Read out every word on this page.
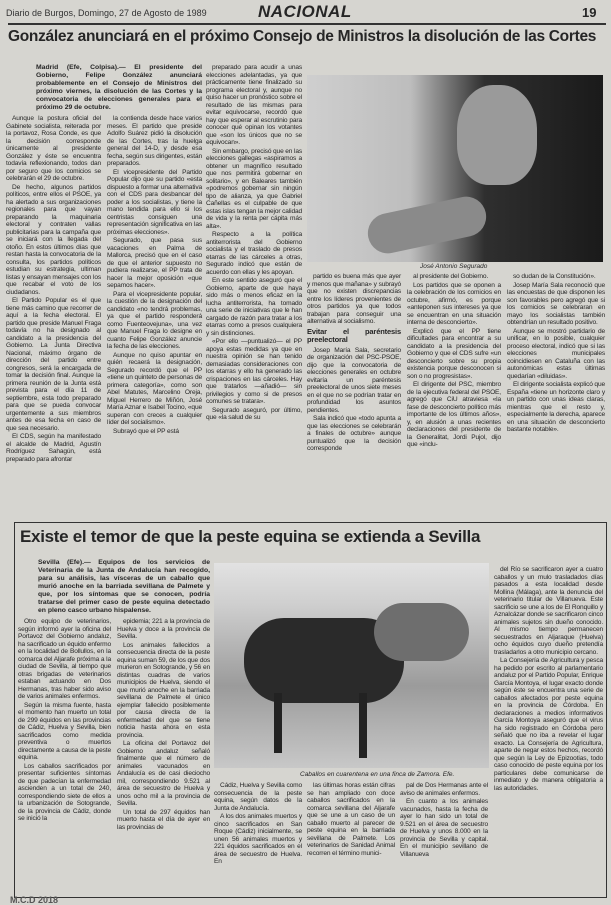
Diario de Burgos, Domingo, 27 de Agosto de 1989	NACIONAL	19
González anunciará en el próximo Consejo de Ministros la disolución de las Cortes
Madrid (Efe, Colpisa).— El presidente del Gobierno, Felipe González anunciará probablemente en el Consejo de Ministros del próximo viernes, la disolución de las Cortes y la convocatoria de elecciones generales para el próximo 29 de octubre.

Aunque la postura oficial del Gabinete socialista, reiterada por la portavoz, Rosa Conde, es que la decisión corresponde únicamente al presidente González y éste se encuentra todavía reflexionando, todos dan por seguro que los comicios se celebrarán el 29 de octubre.

De hecho, algunos partidos políticos, entre ellos el PSOE, ya ha alertado a sus organizaciones regionales para que vayan preparando la maquinaria electoral y contraten vallas publicitarias para la campaña que se iniciará con la llegada del otoño. En estos últimos días que restan hasta la convocatoria de la consulta, los partidos políticos estudian su estrategia, ultiman listas y ensayan mensajes con los que recabar el voto de los ciudadanos.

El Partido Popular es el que tiene más camino que recorrer de aquí a la fecha electoral. El partido que preside Manuel Fraga todavía no ha designado al candidato a la presidencia del Gobierno. La Junta Directiva Nacional, máximo órgano de dirección del partido entre congresos, será la encargada de tomar la decisión final. Aunque la primera reunión de la Junta está prevista para el día 11 de septiembre, esta todo preparado para que se pueda convocar urgentemente a sus miembros antes de esa fecha en caso de que sea necesario.

El CDS, según ha manifestado el alcalde de Madrid, Agustín Rodríguez Sahagún, está preparado para afrontar

la contienda desde hace varios meses. El partido que preside Adolfo Suárez pidió la disolución de las Cortes, tras la huelga general del 14-D, y desde esa fecha, según sus dirigentes, están preparados.

El vicepresidente del Partido Popular dijo que su partido «esta dispuesto a formar una alternativa con el CDS para desbancar del poder a los socialistas, y tiene la mano tendida para ello si los centristas consiguen una representación significativa en las próximas elecciones».

Segurado, que pasa sus vacaciones en Palma de Mallorca, precisó que en el caso de que el anterior supuesto no pudiera realizarse, el PP trata de hacer la mejor oposición «que sepamos hacer».

Para el vicepresidente popular, la cuestión de la designación del candidato «no tendrá problemas, ya que el partido responderá como Fuenteovejuna», una vez que Manuel Fraga lo designe en cuanto Felipe González anuncie la fecha de las elecciones.

Aunque no quiso apuntar en quién recaerá la designación, Segurado recordó que el PP «tiene un quinteto de personas de primera categoría», como son Abel Matutes, Marcelino Oreja, Miguel Herrero de Miñón, José María Aznar e Isabel Tocino, «que superan con creces a cualquier líder del socialismo».

Subrayó que el PP está

preparado para acudir a unas elecciones adelantadas, ya que prácticamente tiene finalizado su programa electoral y, aunque no quiso hacer un pronóstico sobre el resultado de las mismas para evitar equivocarse, recordó que hay que esperar al escrutinio para conocer qué opinan los votantes que «son los únicos que no se equivocan».

Sin embargo, precisó que en las elecciones gallegas «aspiramos a obtener un magnífico resultado que nos permitirá gobernar en solitario», y en Baleares también «podremos gobernar sin ningún tipo de alianza, ya que Gabriel Cañellas es el culpable de que estas islas tengan la mejor calidad de vida y la renta per cápita más alta».

Respecto a la política antiterrorista del Gobierno socialista y el traslado de presos etarras de las cárceles a otras, Segurado indicó que están de acuerdo con ellas y les apoyan.

En este sentido aseguró que el Gobierno, aparte de que haya sido más o menos eficaz en la lucha antiterrorista, ha tomado una serie de iniciativas que le han cargado de razón para tratar a los etarras como a presos cualquiera y sin distinciones.

«Por ello —puntualizó— el PP apoya estas medidas ya que en nuestra opinión se han tenido demasiadas consideraciones con los etarras y ello ha generado las crispaciones en las cárceles. Hay que tratarlos —añadió— sin privilegios y como si de presos comunes se tratara».

Segurado aseguró, por último, que «la salud de su

partido es buena más que ayer y menos que mañana» y subrayó que no existen discrepancias entre los líderes provenientes de otros partidos ya que todos trabajan para conseguir una alternativa al socialismo.

Evitar el paréntesis preelectoral

Josep María Sala, secretario de organización del PSC-PSOE, dijo que la convocatoria de elecciones generales en octubre evitaría un paréntesis preelectoral de unos siete meses en el que no se podrían tratar en profundidad los asuntos pendientes.

Sala indicó que «todo apunta a que las elecciones se celebrarán a finales de octubre» aunque puntualizó que la decisión corresponde

al presidente del Gobierno.

Los partidos que se oponen a la celebración de los comicios en octubre, afirmó, es porque «anteponen sus intereses ya que se encuentran en una situación interna de desconcierto».

Explicó que el PP tiene dificultades para encontrar a su candidato a la presidencia del Gobierno y que el CDS sufre «un desconcierto sobre su propia existencia porque desconocen si son o no progresistas».

El dirigente del PSC, miembro de la ejecutiva federal del PSOE, agregó que CiU atraviesa «la fase de desconcierto político más importante de los últimos años», y, en alusión a unas recientes declaraciones del presidente de la Generalitat, Jordi Pujol, dijo que «inclu-

so dudan de la Constitución».

Josep María Sala reconoció que las encuestas de que disponen les son favorables pero agregó que si los comicios se celebraran en mayo los socialistas también obtendrían un resultado positivo.

Aunque se mostró partidario de unificar, en lo posible, cualquier proceso electoral, indicó que si las elecciones municipales coincidiesen en Cataluña con las autonómicas estas últimas quedarían «diluidas».

El dirigente socialista explicó que España «tiene un horizonte claro y un partido con unas ideas claras, mientras que el resto y, especialmente la derecha, aparece en una situación de desconcierto bastante notable».

José Antonio Segurado
Existe el temor de que la peste equina se extienda a Sevilla
Sevilla (Efe).— Equipos de los servicios de Veterinaria de la Junta de Andalucía han recogido, para su análisis, las vísceras de un caballo que murió anoche en la barriada sevillana de Palmete y que, por los síntomas que se conocen, podría tratarse del primer caso de peste equina detectado en pleno casco urbano hispalense.

Otro equipo de veterinarios, según informó ayer la oficina del Portavoz del Gobierno andaluz, ha sacrificado un équido enfermo en la localidad de Bollullos, en la comarca del Aljarafe próxima a la ciudad de Sevilla, al tiempo que otras brigadas de veterinarios estaban actuando en Dos Hermanas, tras haber sido aviso de varios animales enfermos.

Según la misma fuente, hasta el momento han muerto un total de 299 équidos en las provincias de Cádiz, Huelva y Sevilla, bien sacrificados como medida preventiva o muertos directamente a causa de la peste equina.

Los caballos sacrificados por presentar suficientes síntomas de que padecían la enfermedad ascienden a un total de 240, correspondiendo siete de ellos a la urbanización de Sotogrande, de la provincia de Cádiz, donde se inició la

epidemia; 221 a la provincia de Huelva y doce a la provincia de Sevilla.

Los animales fallecidos a consecuencia directa de la peste equina suman 59, de los que dos murieron en Sotogrande, y 56 en distintas cuadras de varios municipios de Huelva, siendo el que murió anoche en la barriada sevillana de Palmete el único ejemplar fallecido posiblemente por causa directa de la enfermedad del que se tiene noticia hasta ahora en esta provincia.

La oficina del Portavoz del Gobierno andaluz señaló finalmente que el número de animales vacunados en Andalucía es de casi dieciocho mil, correspondiendo 9.521 al área de secuestro de Huelva y unos ocho mil a la provincia de Sevilla.

Un total de 297 équidos han muerto hasta el día de ayer en las provincias de

Caballos en cuarentena en una finca de Zamora. Efe.

Cádiz, Huelva y Sevilla como consecuencia de la peste equina, según datos de la Junta de Andalucía.

A los dos animales muertos y cinco sacrificados en San Roque (Cádiz) inicialmente, se unen 56 animales muertos y 221 équidos sacrificados en el área de secuestro de Huelva. En

las últimas horas están cifras se han ampliado con doce caballos sacrificados en la comarca sevillana del Aljarafe que se une a un caso de un caballo muerto al parecer de peste equina en la barriada sevillana de Palmete. Los veterinarios de Sanidad Animal recorren el término munici-

pal de Dos Hermanas ante el aviso de animales enfermos.

En cuanto a los animales vacunados, hasta la fecha de ayer lo han sido un total de 9.521 en el área de secuestro de Huelva y unos 8.000 en la provincia de Sevilla y capital. En el municipio sevillano de Villanueva

del Río se sacrificaron ayer a cuatro caballos y un mulo trasladados días pasados a esta localidad desde Mollina (Málaga), ante la denuncia del veterinario titular de Villanueva. Este sacrificio se une a los de El Ronquillo y Aznalcázar donde se sacrificaron cinco animales sujetos sin dueño conocido. Al mismo tiempo permanecen secuestrados en Aljaraque (Huelva) ocho équidos cuyo dueño pretendía trasladarlos a otro municipio cercano.

La Consejería de Agricultura y pesca ha pedido por escrito al parlamentario andaluz por el Partido Popular, Enrique García Montoya, el lugar exacto donde según éste se encuentra una serie de caballos afectados por peste equina en la provincia de Córdoba. En declaraciones a medios informativos García Montoya aseguró que el virus ha sido registrado en Córdoba pero señaló que no iba a revelar el lugar exacto. La Consejería de Agricultura, aparte de negar estos hechos, recordó que según la Ley de Epizootias, todo caso conocido de peste equina por los particulares debe comunicarse de inmediato y de manera obligatoria a las autoridades.

M.C.D 2018
